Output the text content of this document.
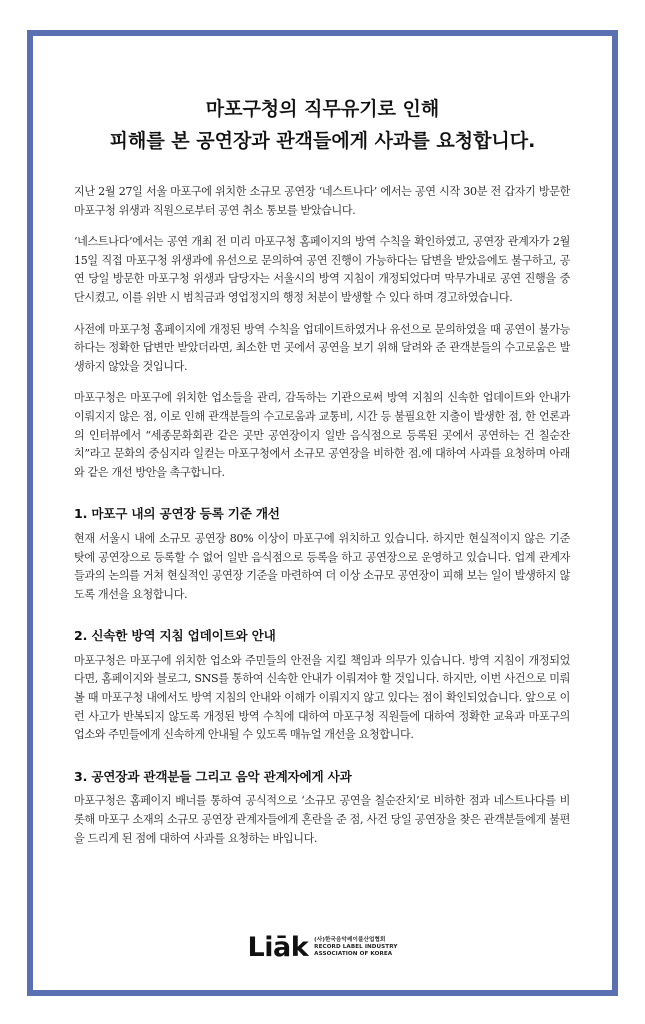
마포구청의 직무유기로 인해
피해를 본 공연장과 관객들에게 사과를 요청합니다.

지난 2월 27일 서울 마포구에 위치한 소규모 공연장 ‘네스트나다’ 에서는 공연 시작 30분 전 갑자기 방문한 마포구청 위생과 직원으로부터 공연 취소 통보를 받았습니다.

‘네스트나다’에서는 공연 개최 전 미리 마포구청 홈페이지의 방역 수칙을 확인하였고, 공연장 관계자가 2월 15일 직접 마포구청 위생과에 유선으로 문의하여 공연 진행이 가능하다는 답변을 받았음에도 불구하고, 공연 당일 방문한 마포구청 위생과 담당자는 서울시의 방역 지침이 개정되었다며 막무가내로 공연 진행을 중단시켰고, 이를 위반 시 범칙금과 영업정지의 행정 처분이 발생할 수 있다 하며 경고하였습니다.

사전에 마포구청 홈페이지에 개정된 방역 수칙을 업데이트하였거나 유선으로 문의하였을 때 공연이 불가능하다는 정확한 답변만 받았더라면, 최소한 먼 곳에서 공연을 보기 위해 달려와 준 관객분들의 수고로움은 발생하지 않았을 것입니다.

마포구청은 마포구에 위치한 업소들을 관리, 감독하는 기관으로써 방역 지침의 신속한 업데이트와 안내가 이뤄지지 않은 점, 이로 인해 관객분들의 수고로움과 교통비, 시간 등 불필요한 지출이 발생한 점, 한 언론과의 인터뷰에서 “세종문화회관 같은 곳만 공연장이지 일반 음식점으로 등록된 곳에서 공연하는 건 칠순잔치”라고 문화의 중심지라 일컫는 마포구청에서 소규모 공연장을 비하한 점.에 대하여 사과를 요청하며 아래와 같은 개선 방안을 촉구합니다.

1. 마포구 내의 공연장 등록 기준 개선

현재 서울시 내에 소규모 공연장 80% 이상이 마포구에 위치하고 있습니다. 하지만 현실적이지 않은 기준 탓에 공연장으로 등록할 수 없어 일반 음식점으로 등록을 하고 공연장으로 운영하고 있습니다. 업계 관계자들과의 논의를 거쳐 현실적인 공연장 기준을 마련하여 더 이상 소규모 공연장이 피해 보는 일이 발생하지 않도록 개선을 요청합니다.

2. 신속한 방역 지침 업데이트와 안내

마포구청은 마포구에 위치한 업소와 주민들의 안전을 지킬 책임과 의무가 있습니다. 방역 지침이 개정되었다면, 홈페이지와 블로그, SNS를 통하여 신속한 안내가 이뤄져야 할 것입니다. 하지만, 이번 사건으로 미뤄 볼 때 마포구청 내에서도 방역 지침의 안내와 이해가 이뤄지지 않고 있다는 점이 확인되었습니다. 앞으로 이런 사고가 반복되지 않도록 개정된 방역 수칙에 대하여 마포구청 직원들에 대하여 정확한 교육과 마포구의 업소와 주민들에게 신속하게 안내될 수 있도록 매뉴얼 개선을 요청합니다.

3. 공연장과 관객분들 그리고 음악 관계자에게 사과

마포구청은 홈페이지 배너를 통하여 공식적으로 ‘소규모 공연을 칠순잔치’로 비하한 점과 네스트나다를 비롯해 마포구 소재의 소규모 공연장 관계자들에게 혼란을 준 점, 사건 당일 공연장을 찾은 관객분들에게 불편을 드리게 된 점에 대하여 사과를 요청하는 바입니다.

Liāk (사)한국음악레이블산업협회
RECORD LABEL INDUSTRY
ASSOCIATION OF KOREA
